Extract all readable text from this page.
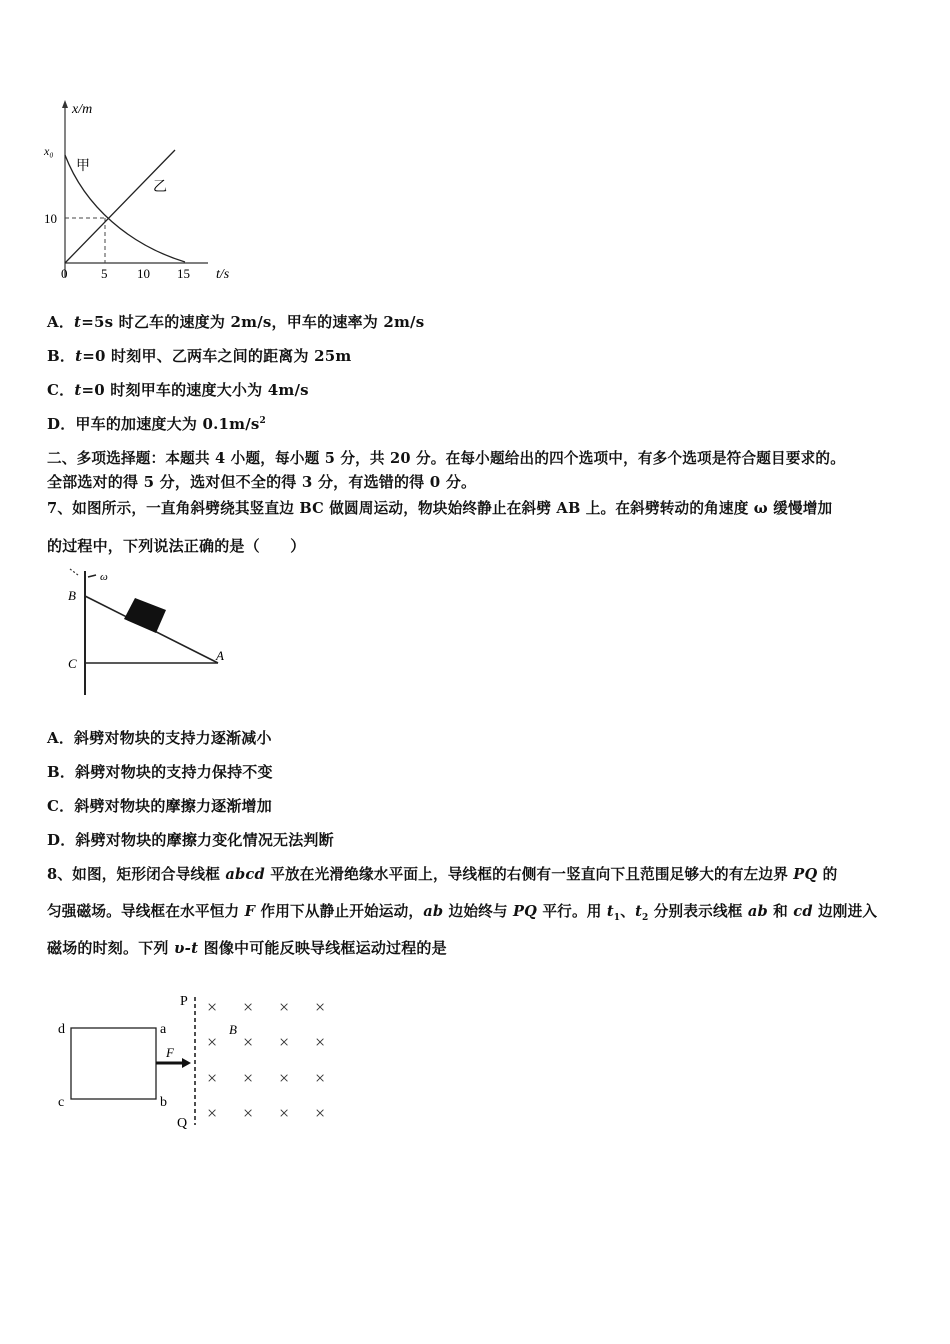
x/m
x₀
10
甲
乙
0	5 10 15 t/s
A．t=5s 时乙车的速度为 2m/s，甲车的速率为 2m/s
B．t=0 时刻甲、乙两车之间的距离为 25m
C．t=0 时刻甲车的速度大小为 4m/s
D．甲车的加速度大为 $0.1m/s^2$
二、多项选择题：本题共 4 小题，每小题 5 分，共 20 分。在每小题给出的四个选项中，有多个选项是符合题目要求的。
全部选对的得 5 分，选对但不全的得 3 分，有选错的得 0 分。
7、如图所示，一直角斜劈绕其竖直边 BC 做圆周运动，物块始终静止在斜劈 AB 上。在斜劈转动的角速度 ω 缓慢增加
的过程中，下列说法正确的是（　　）
ω
B
C
A
A．斜劈对物块的支持力逐渐减小
B．斜劈对物块的支持力保持不变
C．斜劈对物块的摩擦力逐渐增加
D．斜劈对物块的摩擦力变化情况无法判断
8、如图，矩形闭合导线框 abcd 平放在光滑绝缘水平面上，导线框的右侧有一竖直向下且范围足够大的有左边界 PQ 的
匀强磁场。导线框在水平恒力 F 作用下从静止开始运动，ab 边始终与 PQ 平行。用 $t_1$、$t_2$ 分别表示线框 ab 和 cd 边刚进入
磁场的时刻。下列 υ-t 图像中可能反映导线框运动过程的是
d	a
c	b
F
P
Q
B
× × × ×
× × × ×
× × × ×
× × × ×
